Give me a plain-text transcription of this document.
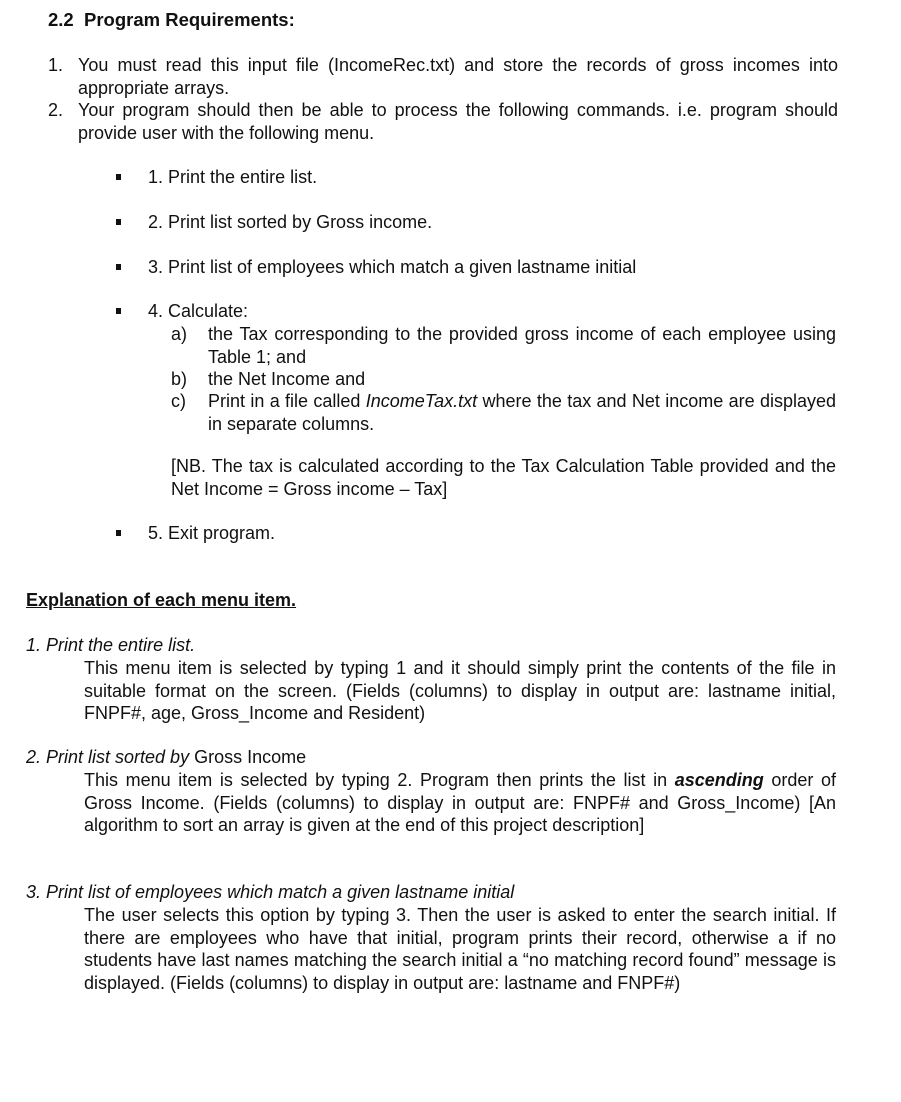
2.2 Program Requirements:
1. You must read this input file (IncomeRec.txt) and store the records of gross incomes into appropriate arrays.
2. Your program should then be able to process the following commands. i.e. program should provide user with the following menu.
1. Print the entire list.
2. Print list sorted by Gross income.
3. Print list of employees which match a given lastname initial
4. Calculate:
a) the Tax corresponding to the provided gross income of each employee using Table 1; and
b) the Net Income and
c) Print in a file called IncomeTax.txt where the tax and Net income are displayed in separate columns.
[NB. The tax is calculated according to the Tax Calculation Table provided and the Net Income = Gross income – Tax]
5. Exit program.
Explanation of each menu item.
1. Print the entire list.
This menu item is selected by typing 1 and it should simply print the contents of the file in suitable format on the screen. (Fields (columns) to display in output are: lastname initial, FNPF#, age, Gross_Income and Resident)
2. Print list sorted by Gross Income
This menu item is selected by typing 2. Program then prints the list in ascending order of Gross Income. (Fields (columns) to display in output are: FNPF# and Gross_Income) [An algorithm to sort an array is given at the end of this project description]
3. Print list of employees which match a given lastname initial
The user selects this option by typing 3. Then the user is asked to enter the search initial. If there are employees who have that initial, program prints their record, otherwise a if no students have last names matching the search initial a “no matching record found” message is displayed. (Fields (columns) to display in output are: lastname and FNPF#)
